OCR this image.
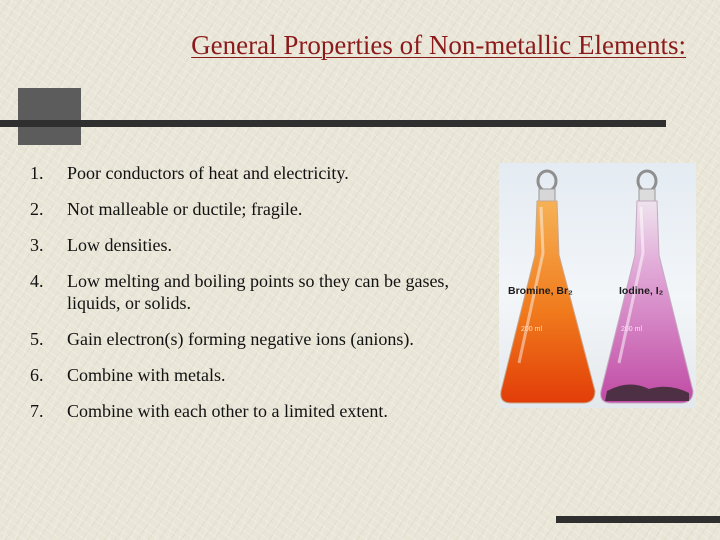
General Properties of Non-metallic Elements:
1.	Poor conductors of heat and electricity.
2.	Not malleable or ductile; fragile.
3.	Low densities.
4.	Low melting and boiling points so they can be gases, liquids, or solids.
5.	Gain electron(s) forming negative ions (anions).
6.	Combine with metals.
7.	Combine with each other to a limited extent.
200 ml	200 ml
Bromine, Br₂	Iodine, I₂
